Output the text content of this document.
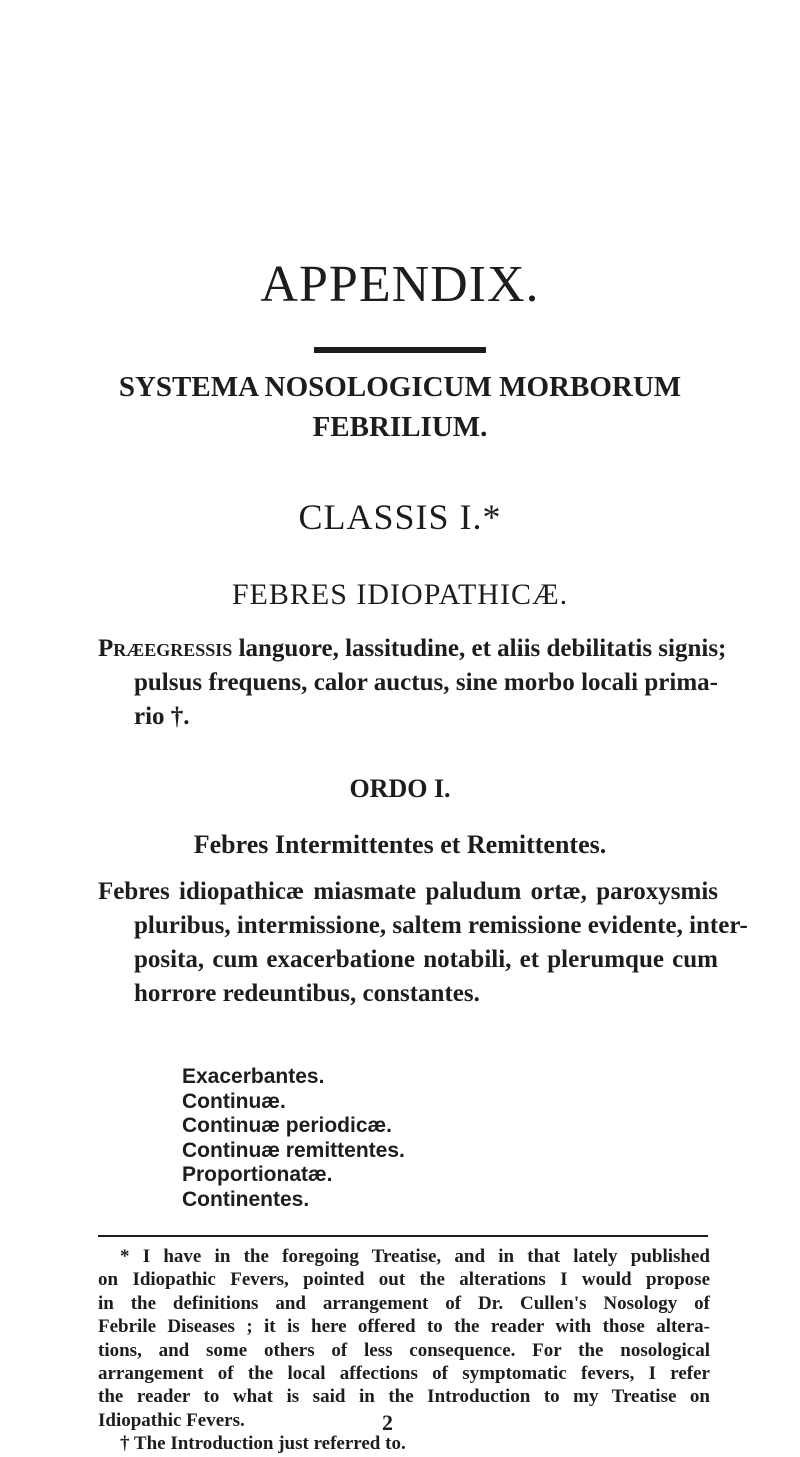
APPENDIX.
SYSTEMA NOSOLOGICUM MORBORUM
FEBRILIUM.
CLASSIS I.*
FEBRES IDIOPATHICÆ.
Præegressis languore, lassitudine, et aliis debilitatis signis;
pulsus frequens, calor auctus, sine morbo locali prima-
rio †.
ORDO I.
Febres Intermittentes et Remittentes.
Febres idiopathicæ miasmate paludum ortæ, paroxysmis
pluribus, intermissione, saltem remissione evidente, inter-
posita, cum exacerbatione notabili, et plerumque cum
horrore redeuntibus, constantes.
Exacerbantes.
Continuæ.
Continuæ periodicæ.
Continuæ remittentes.
Proportionatæ.
Continentes.
* I have in the foregoing Treatise, and in that lately published
on Idiopathic Fevers, pointed out the alterations I would propose
in the definitions and arrangement of Dr. Cullen's Nosology of
Febrile Diseases ; it is here offered to the reader with those altera-
tions, and some others of less consequence. For the nosological
arrangement of the local affections of symptomatic fevers, I refer
the reader to what is said in the Introduction to my Treatise on
Idiopathic Fevers.
† The Introduction just referred to.
2
